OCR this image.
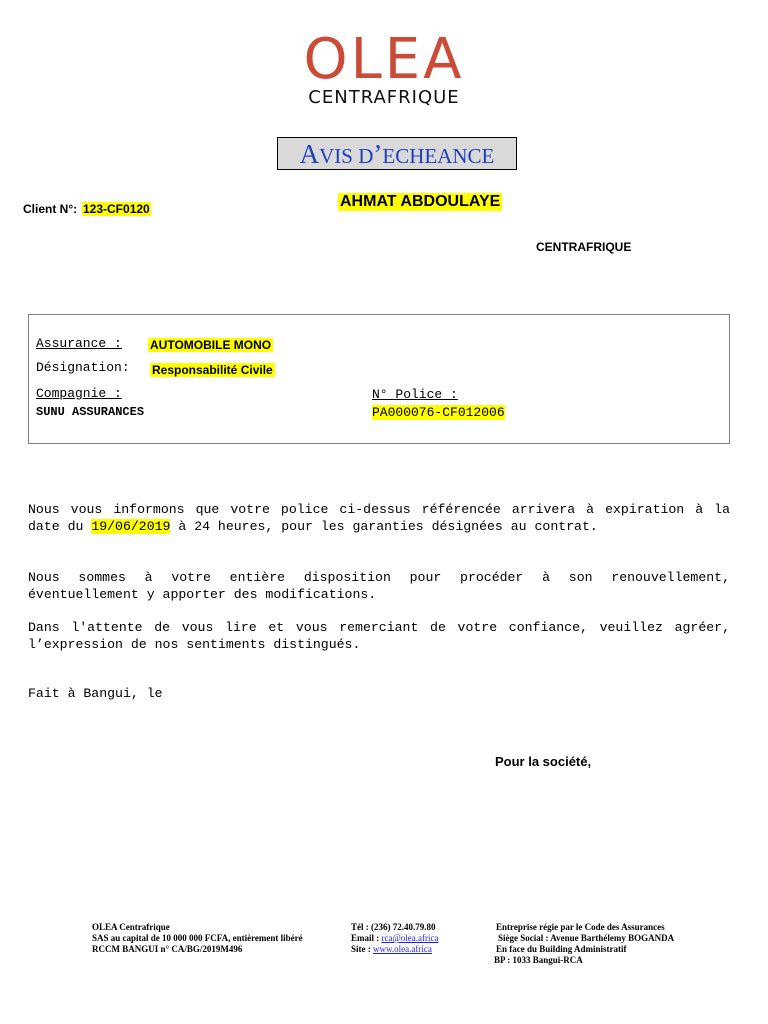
OLEA
CENTRAFRIQUE
AVIS D’ECHEANCE
Client N°: 123-CF0120	AHMAT ABDOULAYE
CENTRAFRIQUE
Assurance : AUTOMOBILE MONO
Désignation: Responsabilité Civile
Compagnie :
SUNU ASSURANCES
N° Police :
PA000076-CF012006
Nous vous informons que votre police ci-dessus référencée arrivera à expiration à la date du 19/06/2019 à 24 heures, pour les garanties désignées au contrat.
Nous sommes à votre entière disposition pour procéder à son renouvellement, éventuellement y apporter des modifications.
Dans l'attente de vous lire et vous remerciant de votre confiance, veuillez agréer, l’expression de nos sentiments distingués.
Fait à Bangui, le
Pour la société,
OLEA Centrafrique
SAS au capital de 10 000 000 FCFA, entièrement libéré
RCCM BANGUI n° CA/BG/2019M496
Tél : (236) 72.40.79.80
Email : rca@olea.africa
Site : www.olea.africa
Entreprise régie par le Code des Assurances
Siège Social : Avenue Barthélemy BOGANDA
En face du Building Administratif
BP : 1033 Bangui-RCA
